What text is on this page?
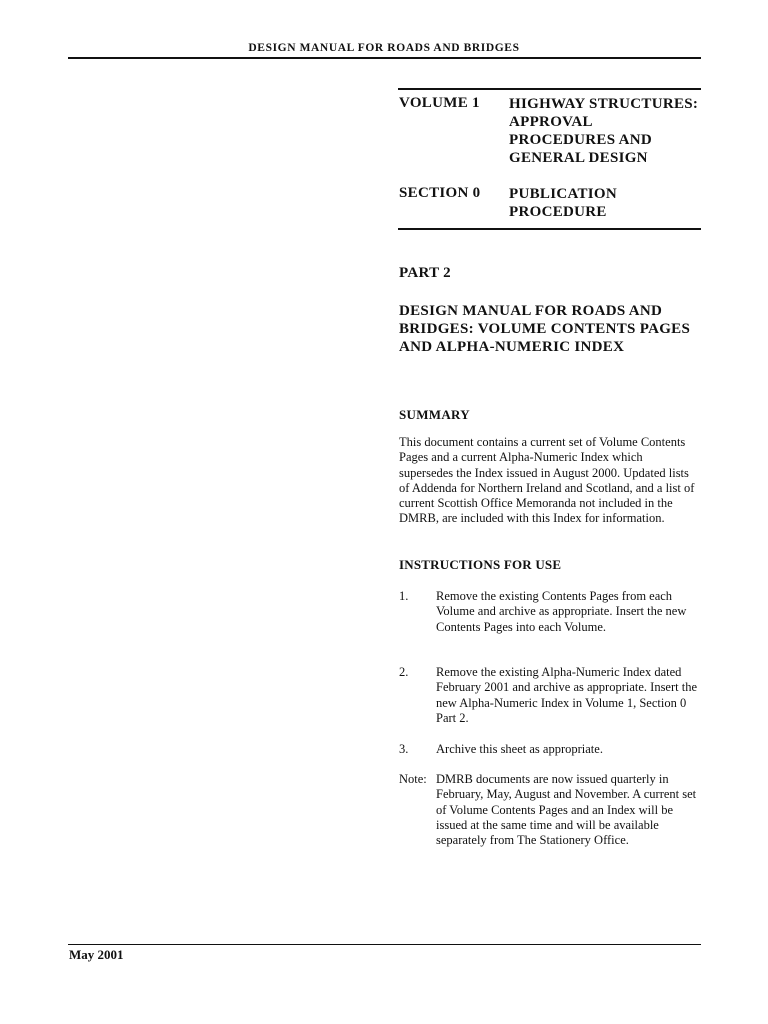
DESIGN MANUAL FOR ROADS AND BRIDGES
VOLUME 1 HIGHWAY STRUCTURES: APPROVAL PROCEDURES AND GENERAL DESIGN
SECTION 0 PUBLICATION PROCEDURE
PART 2
DESIGN MANUAL FOR ROADS AND BRIDGES: VOLUME CONTENTS PAGES AND ALPHA-NUMERIC INDEX
SUMMARY
This document contains a current set of Volume Contents Pages and a current Alpha-Numeric Index which supersedes the Index issued in August 2000. Updated lists of Addenda for Northern Ireland and Scotland, and a list of current Scottish Office Memoranda not included in the DMRB, are included with this Index for information.
INSTRUCTIONS FOR USE
1. Remove the existing Contents Pages from each Volume and archive as appropriate. Insert the new Contents Pages into each Volume.
2. Remove the existing Alpha-Numeric Index dated February 2001 and archive as appropriate. Insert the new Alpha-Numeric Index in Volume 1, Section 0 Part 2.
3. Archive this sheet as appropriate.
Note: DMRB documents are now issued quarterly in February, May, August and November. A current set of Volume Contents Pages and an Index will be issued at the same time and will be available separately from The Stationery Office.
May 2001
